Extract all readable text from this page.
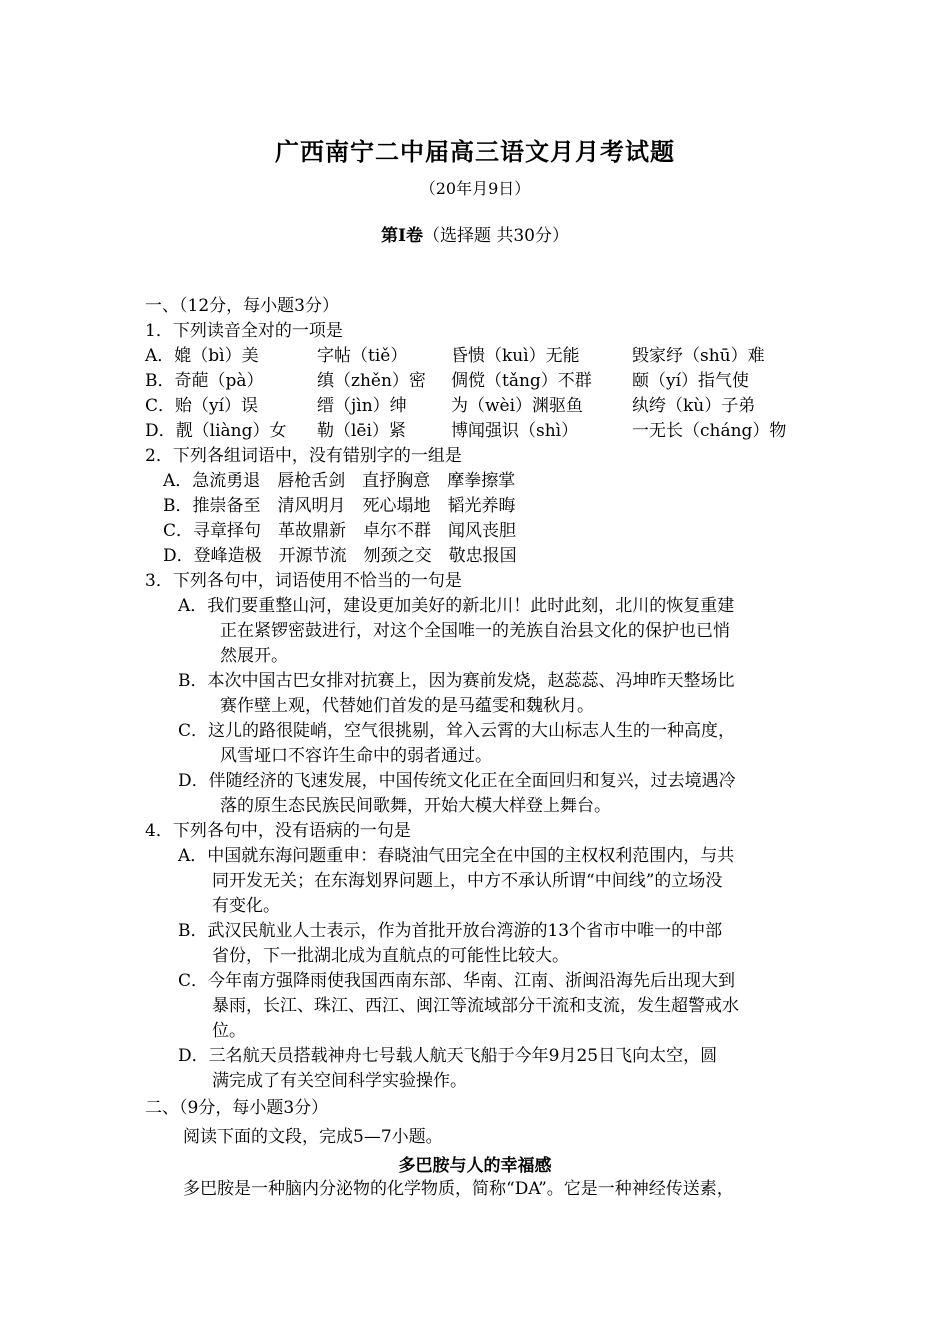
广西南宁二中届高三语文月月考试题
（20年月9日）
第Ⅰ卷（选择题 共30分）
一、（12分，每小题3分）
1．下列读音全对的一项是
A．媲（bì）美	字帖（tiě）	昏愦（kuì）无能	毁家纾（shū）难
B．奇葩（pà）	缜（zhěn）密 倜傥（tǎng）不群 颐（yí）指气使
C．贻（yí）误	缙（jìn）绅	为（wèi）渊驱鱼	纨绔（kù）子弟
D．靓（liàng）女 勒（lēi）紧	博闻强识（shì）	一无长（cháng）物
2．下列各组词语中，没有错别字的一组是
A．急流勇退　唇枪舌剑　直抒胸意　摩拳擦掌
B．推崇备至　清风明月　死心塌地　韬光养晦
C．寻章择句　革故鼎新　卓尔不群　闻风丧胆
D．登峰造极　开源节流　刎颈之交　敬忠报国
3．下列各句中，词语使用不恰当的一句是
A．我们要重整山河，建设更加美好的新北川！此时此刻，北川的恢复重建
正在紧锣密鼓进行，对这个全国唯一的羌族自治县文化的保护也已悄
然展开。
B．本次中国古巴女排对抗赛上，因为赛前发烧，赵蕊蕊、冯坤昨天整场比
赛作壁上观，代替她们首发的是马蕴雯和魏秋月。
C．这儿的路很陡峭，空气很挑剔，耸入云霄的大山标志人生的一种高度，
风雪垭口不容许生命中的弱者通过。
D．伴随经济的飞速发展，中国传统文化正在全面回归和复兴，过去境遇冷
落的原生态民族民间歌舞，开始大模大样登上舞台。
4．下列各句中，没有语病的一句是
A．中国就东海问题重申：春晓油气田完全在中国的主权权利范围内，与共
同开发无关；在东海划界问题上，中方不承认所谓“中间线”的立场没
有变化。
B．武汉民航业人士表示，作为首批开放台湾游的13个省市中唯一的中部
省份，下一批湖北成为直航点的可能性比较大。
C．今年南方强降雨使我国西南东部、华南、江南、浙闽沿海先后出现大到
暴雨，长江、珠江、西江、闽江等流域部分干流和支流，发生超警戒水
位。
D．三名航天员搭载神舟七号载人航天飞船于今年9月25日飞向太空，圆
满完成了有关空间科学实验操作。
二、（9分，每小题3分）
阅读下面的文段，完成5—7小题。
多巴胺与人的幸福感
多巴胺是一种脑内分泌物的化学物质，简称“DA”。它是一种神经传送素，
